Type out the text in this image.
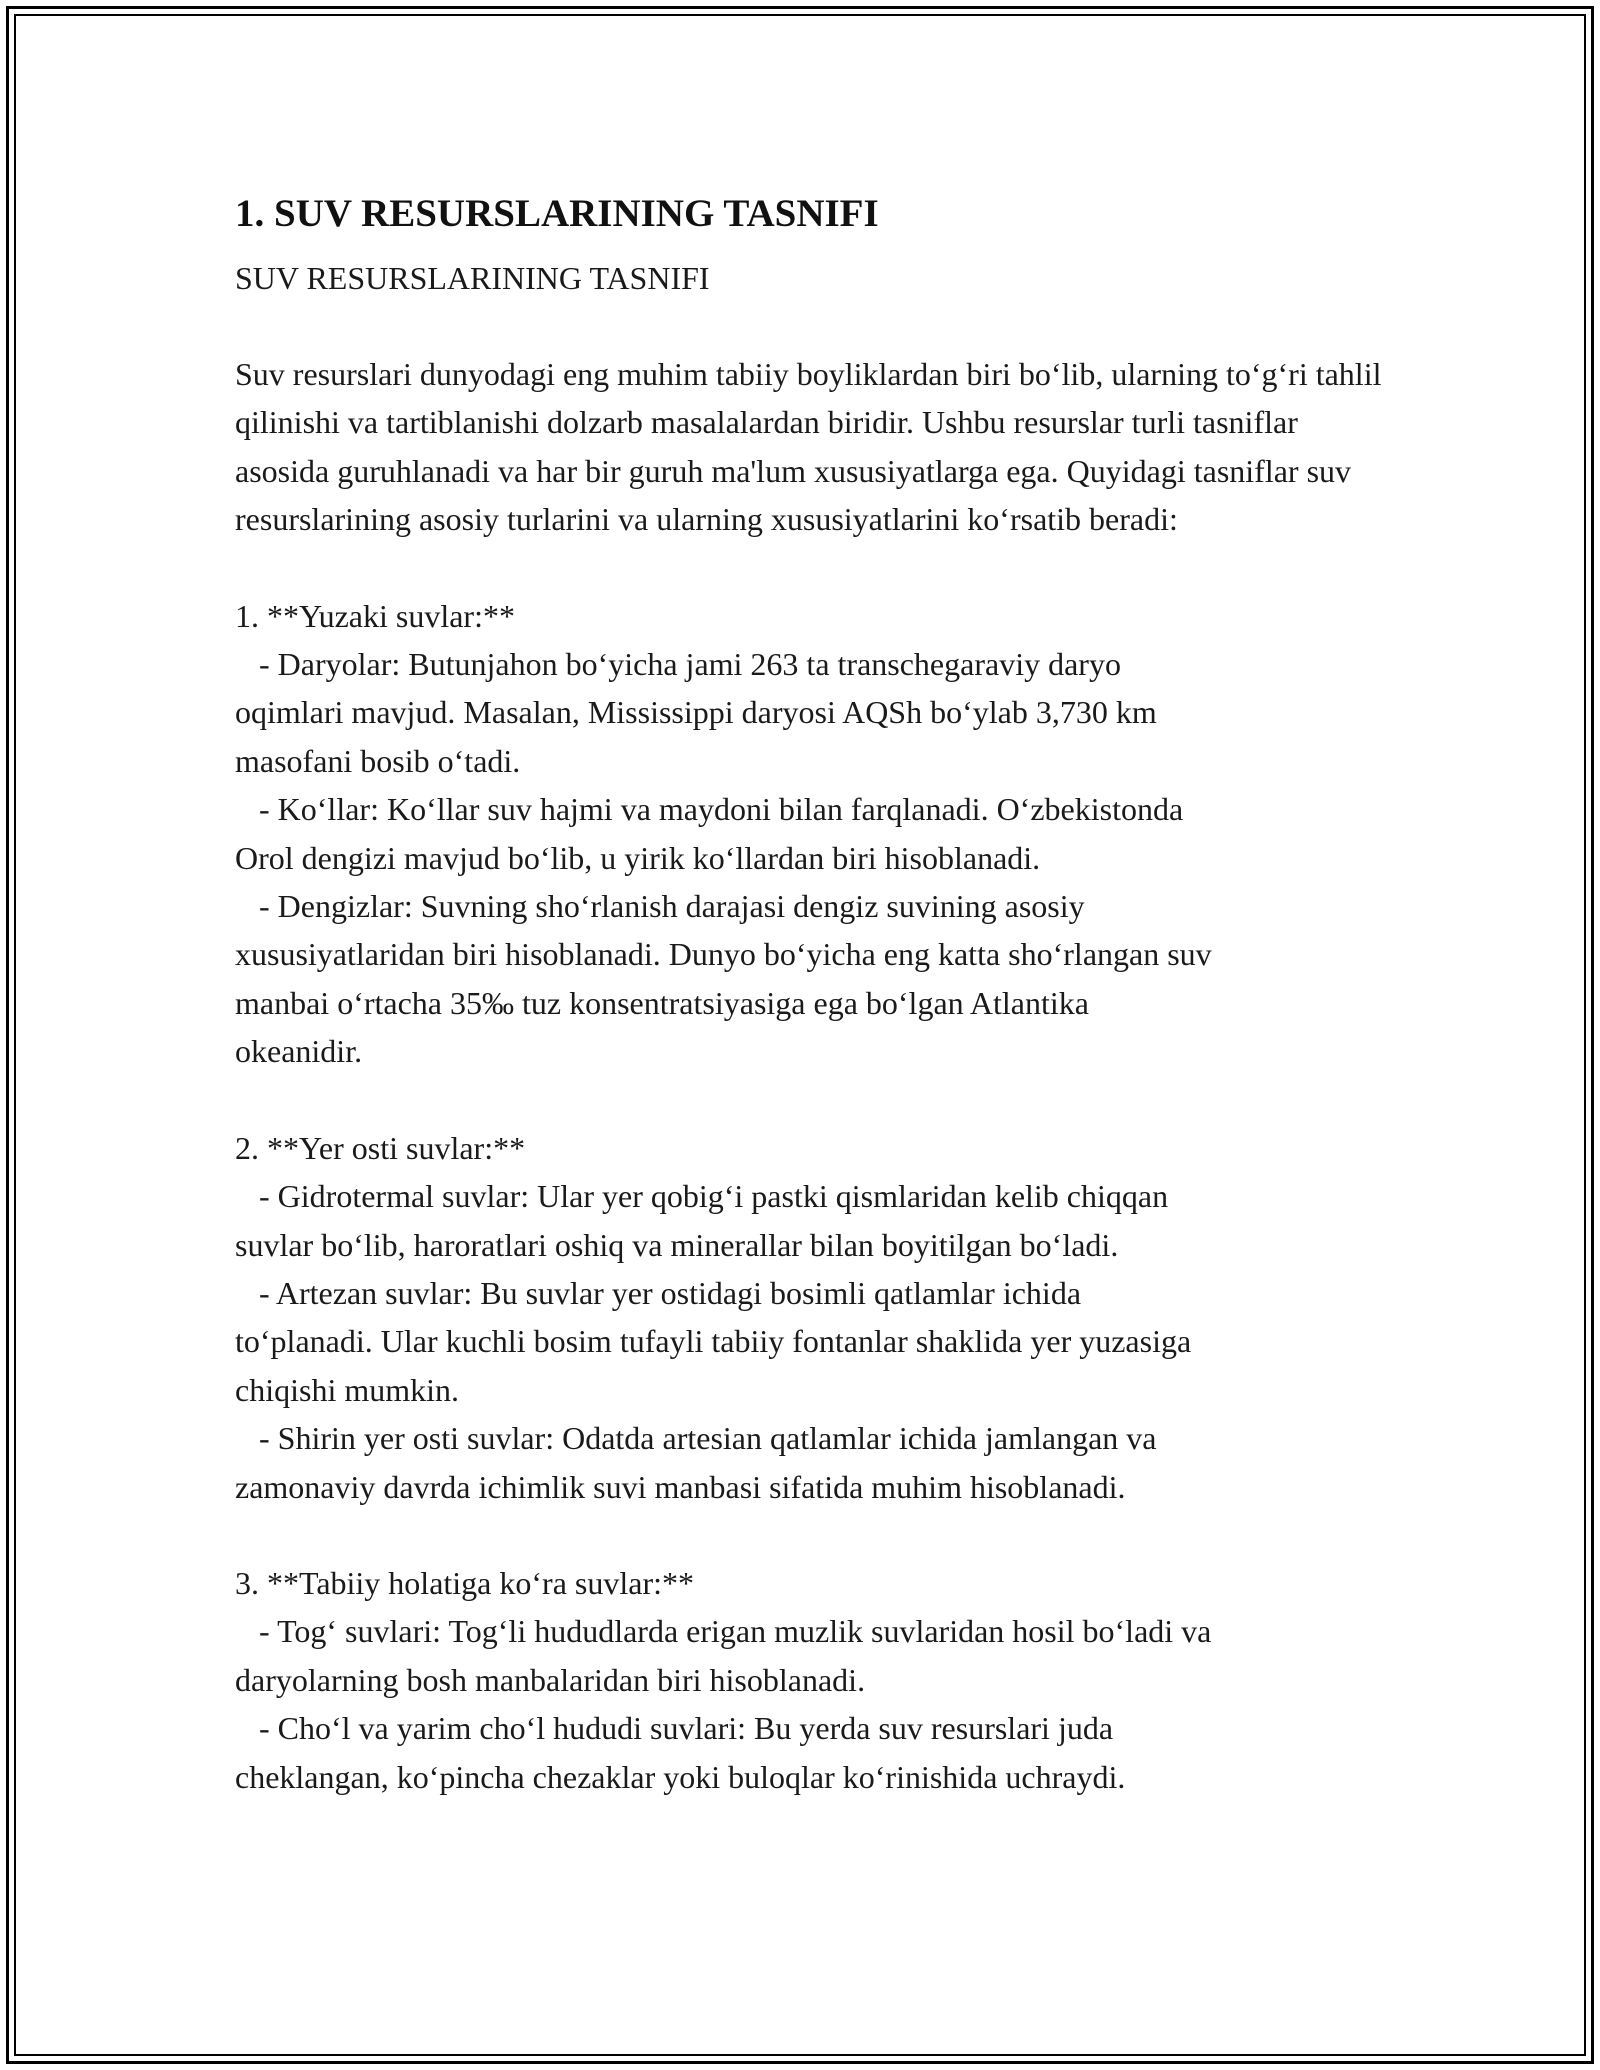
1. SUV RESURSLARINING TASNIFI

SUV RESURSLARINING TASNIFI

Suv resurslari dunyodagi eng muhim tabiiy boyliklardan biri bo‘lib, ularning to‘g‘ri tahlil qilinishi va tartiblanishi dolzarb masalalardan biridir. Ushbu resurslar turli tasniflar asosida guruhlanadi va har bir guruh ma'lum xususiyatlarga ega. Quyidagi tasniflar suv resurslarining asosiy turlarini va ularning xususiyatlarini ko‘rsatib beradi:

1. **Yuzaki suvlar:**
- Daryolar: Butunjahon bo‘yicha jami 263 ta transchegaraviy daryo
oqimlari mavjud. Masalan, Mississippi daryosi AQSh bo‘ylab 3,730 km
masofani bosib o‘tadi.
- Ko‘llar: Ko‘llar suv hajmi va maydoni bilan farqlanadi. O‘zbekistonda
Orol dengizi mavjud bo‘lib, u yirik ko‘llardan biri hisoblanadi.
- Dengizlar: Suvning sho‘rlanish darajasi dengiz suvining asosiy
xususiyatlaridan biri hisoblanadi. Dunyo bo‘yicha eng katta sho‘rlangan suv
manbai o‘rtacha 35‰ tuz konsentratsiyasiga ega bo‘lgan Atlantika
okeanidir.
2. **Yer osti suvlar:**
- Gidrotermal suvlar: Ular yer qobig‘i pastki qismlaridan kelib chiqqan
suvlar bo‘lib, haroratlari oshiq va minerallar bilan boyitilgan bo‘ladi.
- Artezan suvlar: Bu suvlar yer ostidagi bosimli qatlamlar ichida
to‘planadi. Ular kuchli bosim tufayli tabiiy fontanlar shaklida yer yuzasiga
chiqishi mumkin.
- Shirin yer osti suvlar: Odatda artesian qatlamlar ichida jamlangan va
zamonaviy davrda ichimlik suvi manbasi sifatida muhim hisoblanadi.
3. **Tabiiy holatiga ko‘ra suvlar:**
- Tog‘ suvlari: Tog‘li hududlarda erigan muzlik suvlaridan hosil bo‘ladi va
daryolarning bosh manbalaridan biri hisoblanadi.
- Cho‘l va yarim cho‘l hududi suvlari: Bu yerda suv resurslari juda
cheklangan, ko‘pincha chezaklar yoki buloqlar ko‘rinishida uchraydi.
